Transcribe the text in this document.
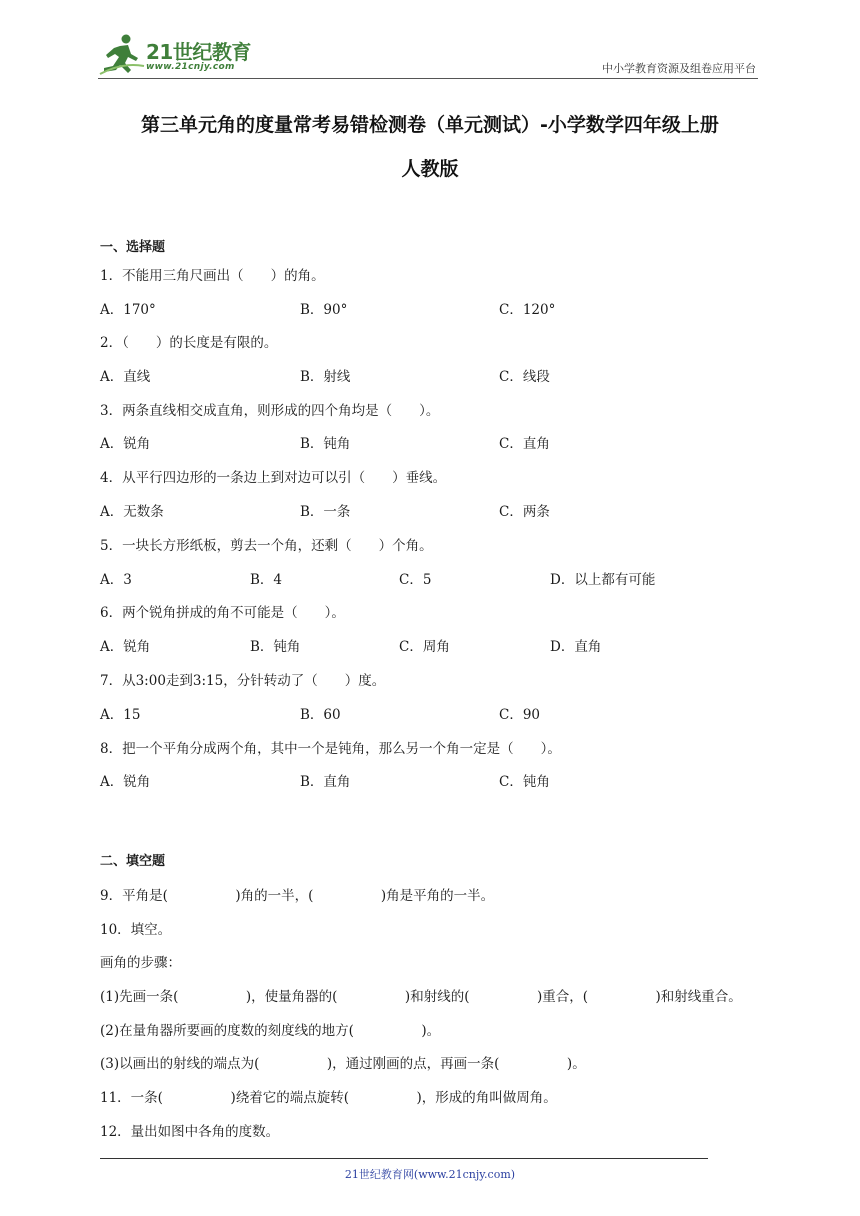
21世纪教育
www.21cnjy.com	中小学教育资源及组卷应用平台
第三单元角的度量常考易错检测卷（单元测试）-小学数学四年级上册
人教版
一、选择题
1．不能用三角尺画出（　　）的角。
A．170°	B．90°	C．120°
2．（　　）的长度是有限的。
A．直线	B．射线	C．线段
3．两条直线相交成直角，则形成的四个角均是（　　）。
A．锐角	B．钝角	C．直角
4．从平行四边形的一条边上到对边可以引（　　）垂线。
A．无数条	B．一条	C．两条
5．一块长方形纸板，剪去一个角，还剩（　　）个角。
A．3	B．4	C．5	D．以上都有可能
6．两个锐角拼成的角不可能是（　　）。
A．锐角	B．钝角	C．周角	D．直角
7．从3:00走到3:15，分针转动了（　　）度。
A．15	B．60	C．90
8．把一个平角分成两个角，其中一个是钝角，那么另一个角一定是（　　）。
A．锐角	B．直角	C．钝角
二、填空题
9．平角是(　　　　　)角的一半，(　　　　　)角是平角的一半。
10．填空。
画角的步骤：
(1)先画一条(　　　　　)，使量角器的(　　　　　)和射线的(　　　　　)重合，(　　　　　)和射线重合。
(2)在量角器所要画的度数的刻度线的地方(　　　　　)。
(3)以画出的射线的端点为(　　　　　)，通过刚画的点，再画一条(　　　　　)。
11．一条(　　　　　)绕着它的端点旋转(　　　　　)，形成的角叫做周角。
12．量出如图中各角的度数。
21世纪教育网(www.21cnjy.com)
